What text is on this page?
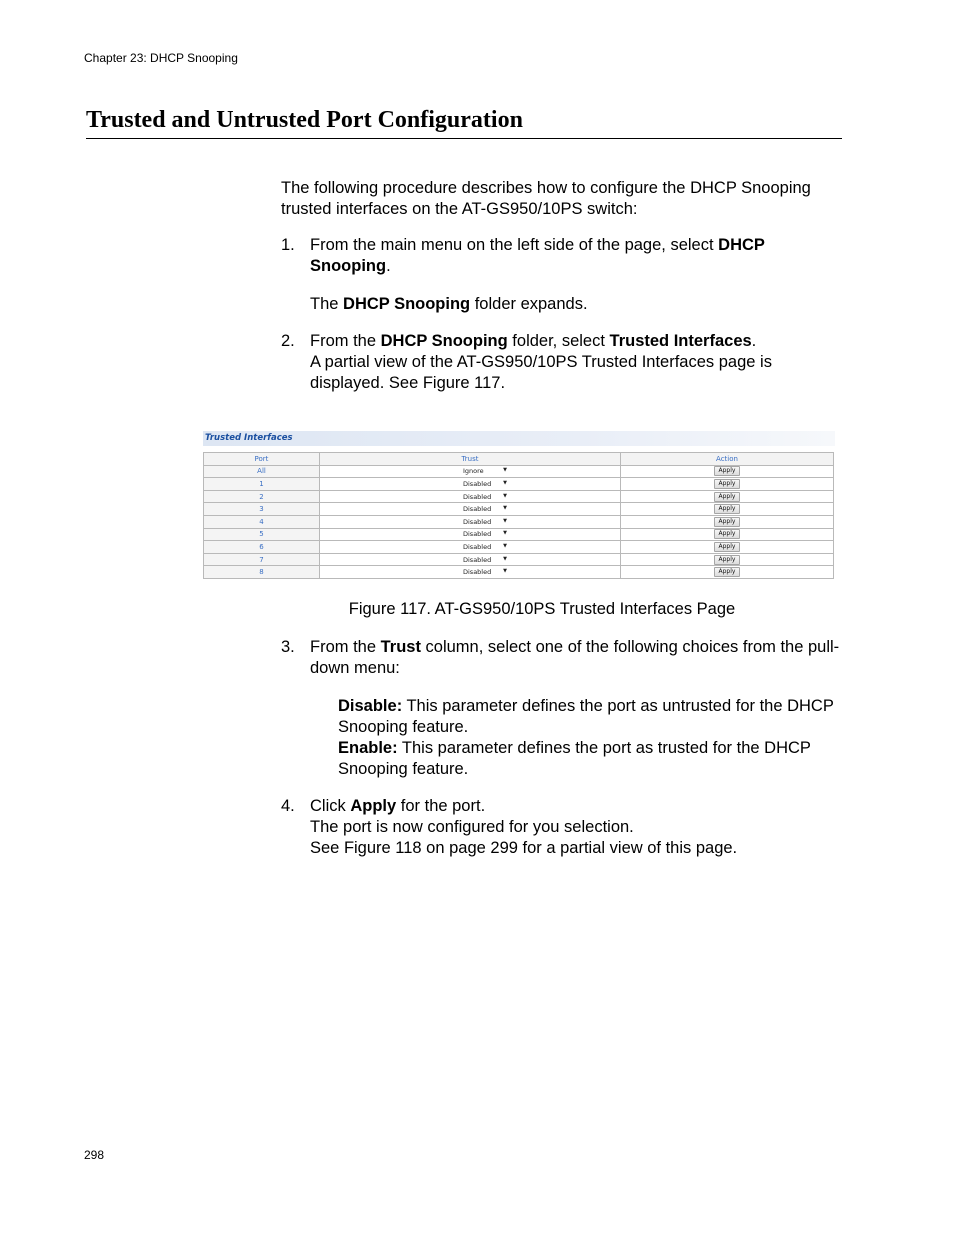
Chapter 23: DHCP Snooping
Trusted and Untrusted Port Configuration

The following procedure describes how to configure the DHCP Snooping trusted interfaces on the AT-GS950/10PS switch:

1. From the main menu on the left side of the page, select DHCP Snooping.

The DHCP Snooping folder expands.

2. From the DHCP Snooping folder, select Trusted Interfaces.

A partial view of the AT-GS950/10PS Trusted Interfaces page is displayed. See Figure 117.

Trusted Interfaces
Port	Trust	Action
All	Ignore ▼	Apply
1	Disabled ▼	Apply
2	Disabled ▼	Apply
3	Disabled ▼	Apply
4	Disabled ▼	Apply
5	Disabled ▼	Apply
6	Disabled ▼	Apply
7	Disabled ▼	Apply
8	Disabled ▼	Apply
Figure 117. AT-GS950/10PS Trusted Interfaces Page
3. From the Trust column, select one of the following choices from the pull-down menu:

Disable: This parameter defines the port as untrusted for the DHCP Snooping feature.

Enable: This parameter defines the port as trusted for the DHCP Snooping feature.

4. Click Apply for the port.

The port is now configured for you selection.

See Figure 118 on page 299 for a partial view of this page.

298
